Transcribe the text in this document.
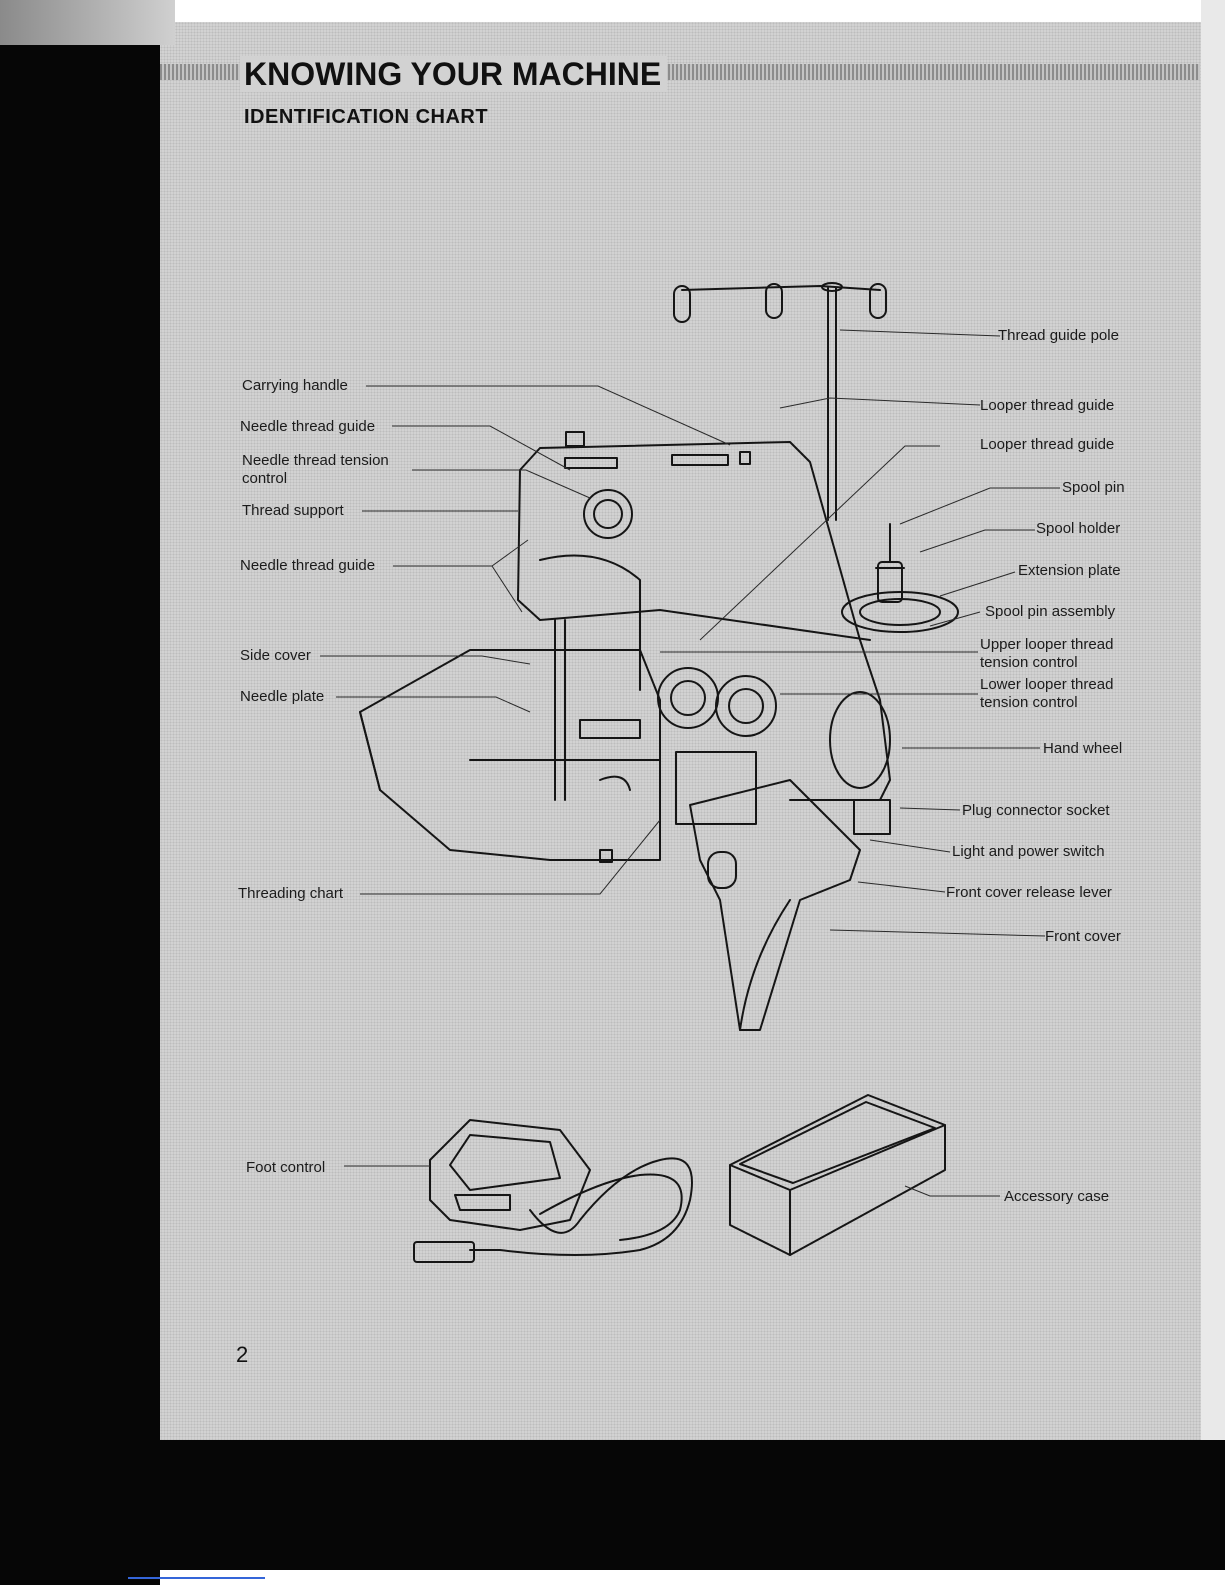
KNOWING YOUR MACHINE
IDENTIFICATION CHART
Thread guide pole
Carrying handle
Looper thread guide
Needle thread guide
Looper thread guide
Needle thread tension
control
Spool pin
Thread support
Spool holder
Needle thread guide	Extension plate
Spool pin assembly
Upper looper thread
tension control
Side cover
Lower looper thread
tension control
Needle plate
Hand wheel
Plug connector socket
Light and power switch
Threading chart	Front cover release lever
Front cover
Foot control
Accessory case
2
